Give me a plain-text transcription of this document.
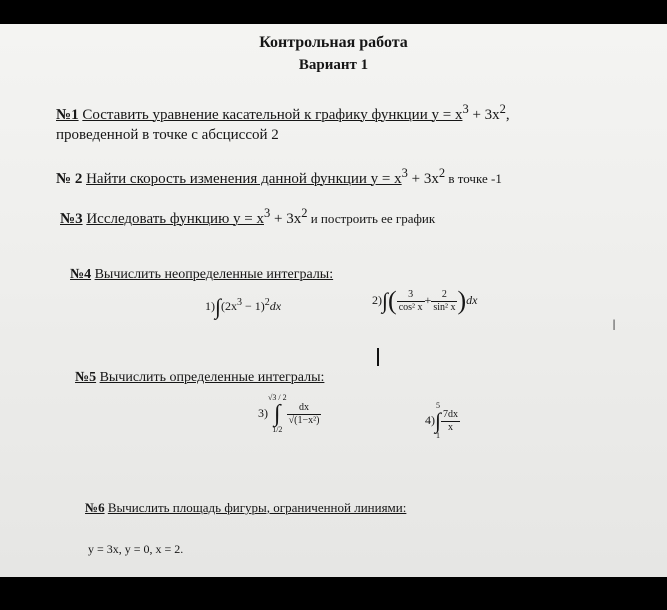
Контрольная работа
Вариант 1
№1 Составить уравнение касательной к графику функции $y = x^3 + 3x^2$,
проведенной в точке с абсциссой 2
№ 2 Найти скорость изменения данной функции $y = x^3 + 3x^2$ в точке -1
№3 Исследовать функцию $y = x^3 + 3x^2$ и построить ее график
№4 Вычислить неопределенные интегралы:
$1)\int(2x^3 - 1)^2dx$	$2)\int( \frac{3}{\text{cos² x}} + \frac{2}{\text{sin² x}} )dx$
I
№5 Вычислить определенные интегралы:
3)√3 / 2
∫
1/2
$\frac{dx}{\text{√(1−x²)}}$	4)5
∫
1
$\frac{7dx}{x}$
№6 Вычислить площадь фигуры, ограниченной линиями:
y = 3x, y = 0, x = 2.
